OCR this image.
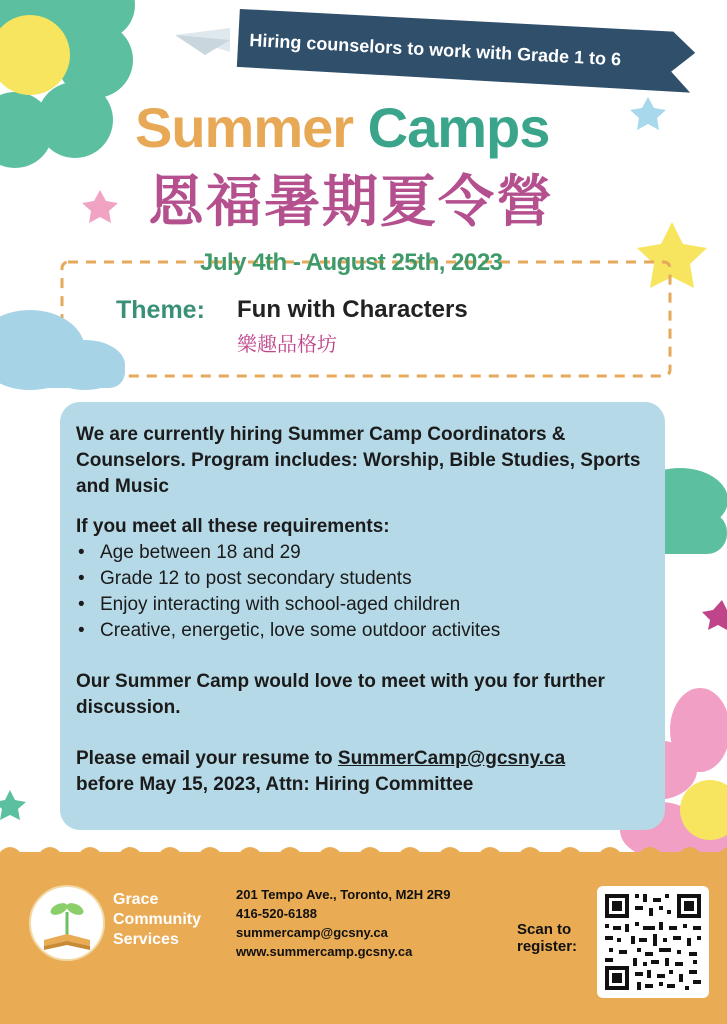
Hiring counselors to work with Grade 1 to 6
Summer Camps
恩福暑期夏令營
July 4th - August 25th, 2023
Theme: Fun with Characters
樂趣品格坊

We are currently hiring Summer Camp Coordinators & Counselors. Program includes: Worship, Bible Studies, Sports and Music

If you meet all these requirements:

• Age between 18 and 29
• Grade 12 to post secondary students
• Enjoy interacting with school-aged children
• Creative, energetic, love some outdoor activites

Our Summer Camp would love to meet with you for further discussion.

Please email your resume to SummerCamp@gcsny.ca

before May 15, 2023, Attn: Hiring Committee

Grace
Community
Services
201 Tempo Ave., Toronto, M2H 2R9
416-520-6188
summercamp@gcsny.ca
www.summercamp.gcsny.ca
Scan to
register:
